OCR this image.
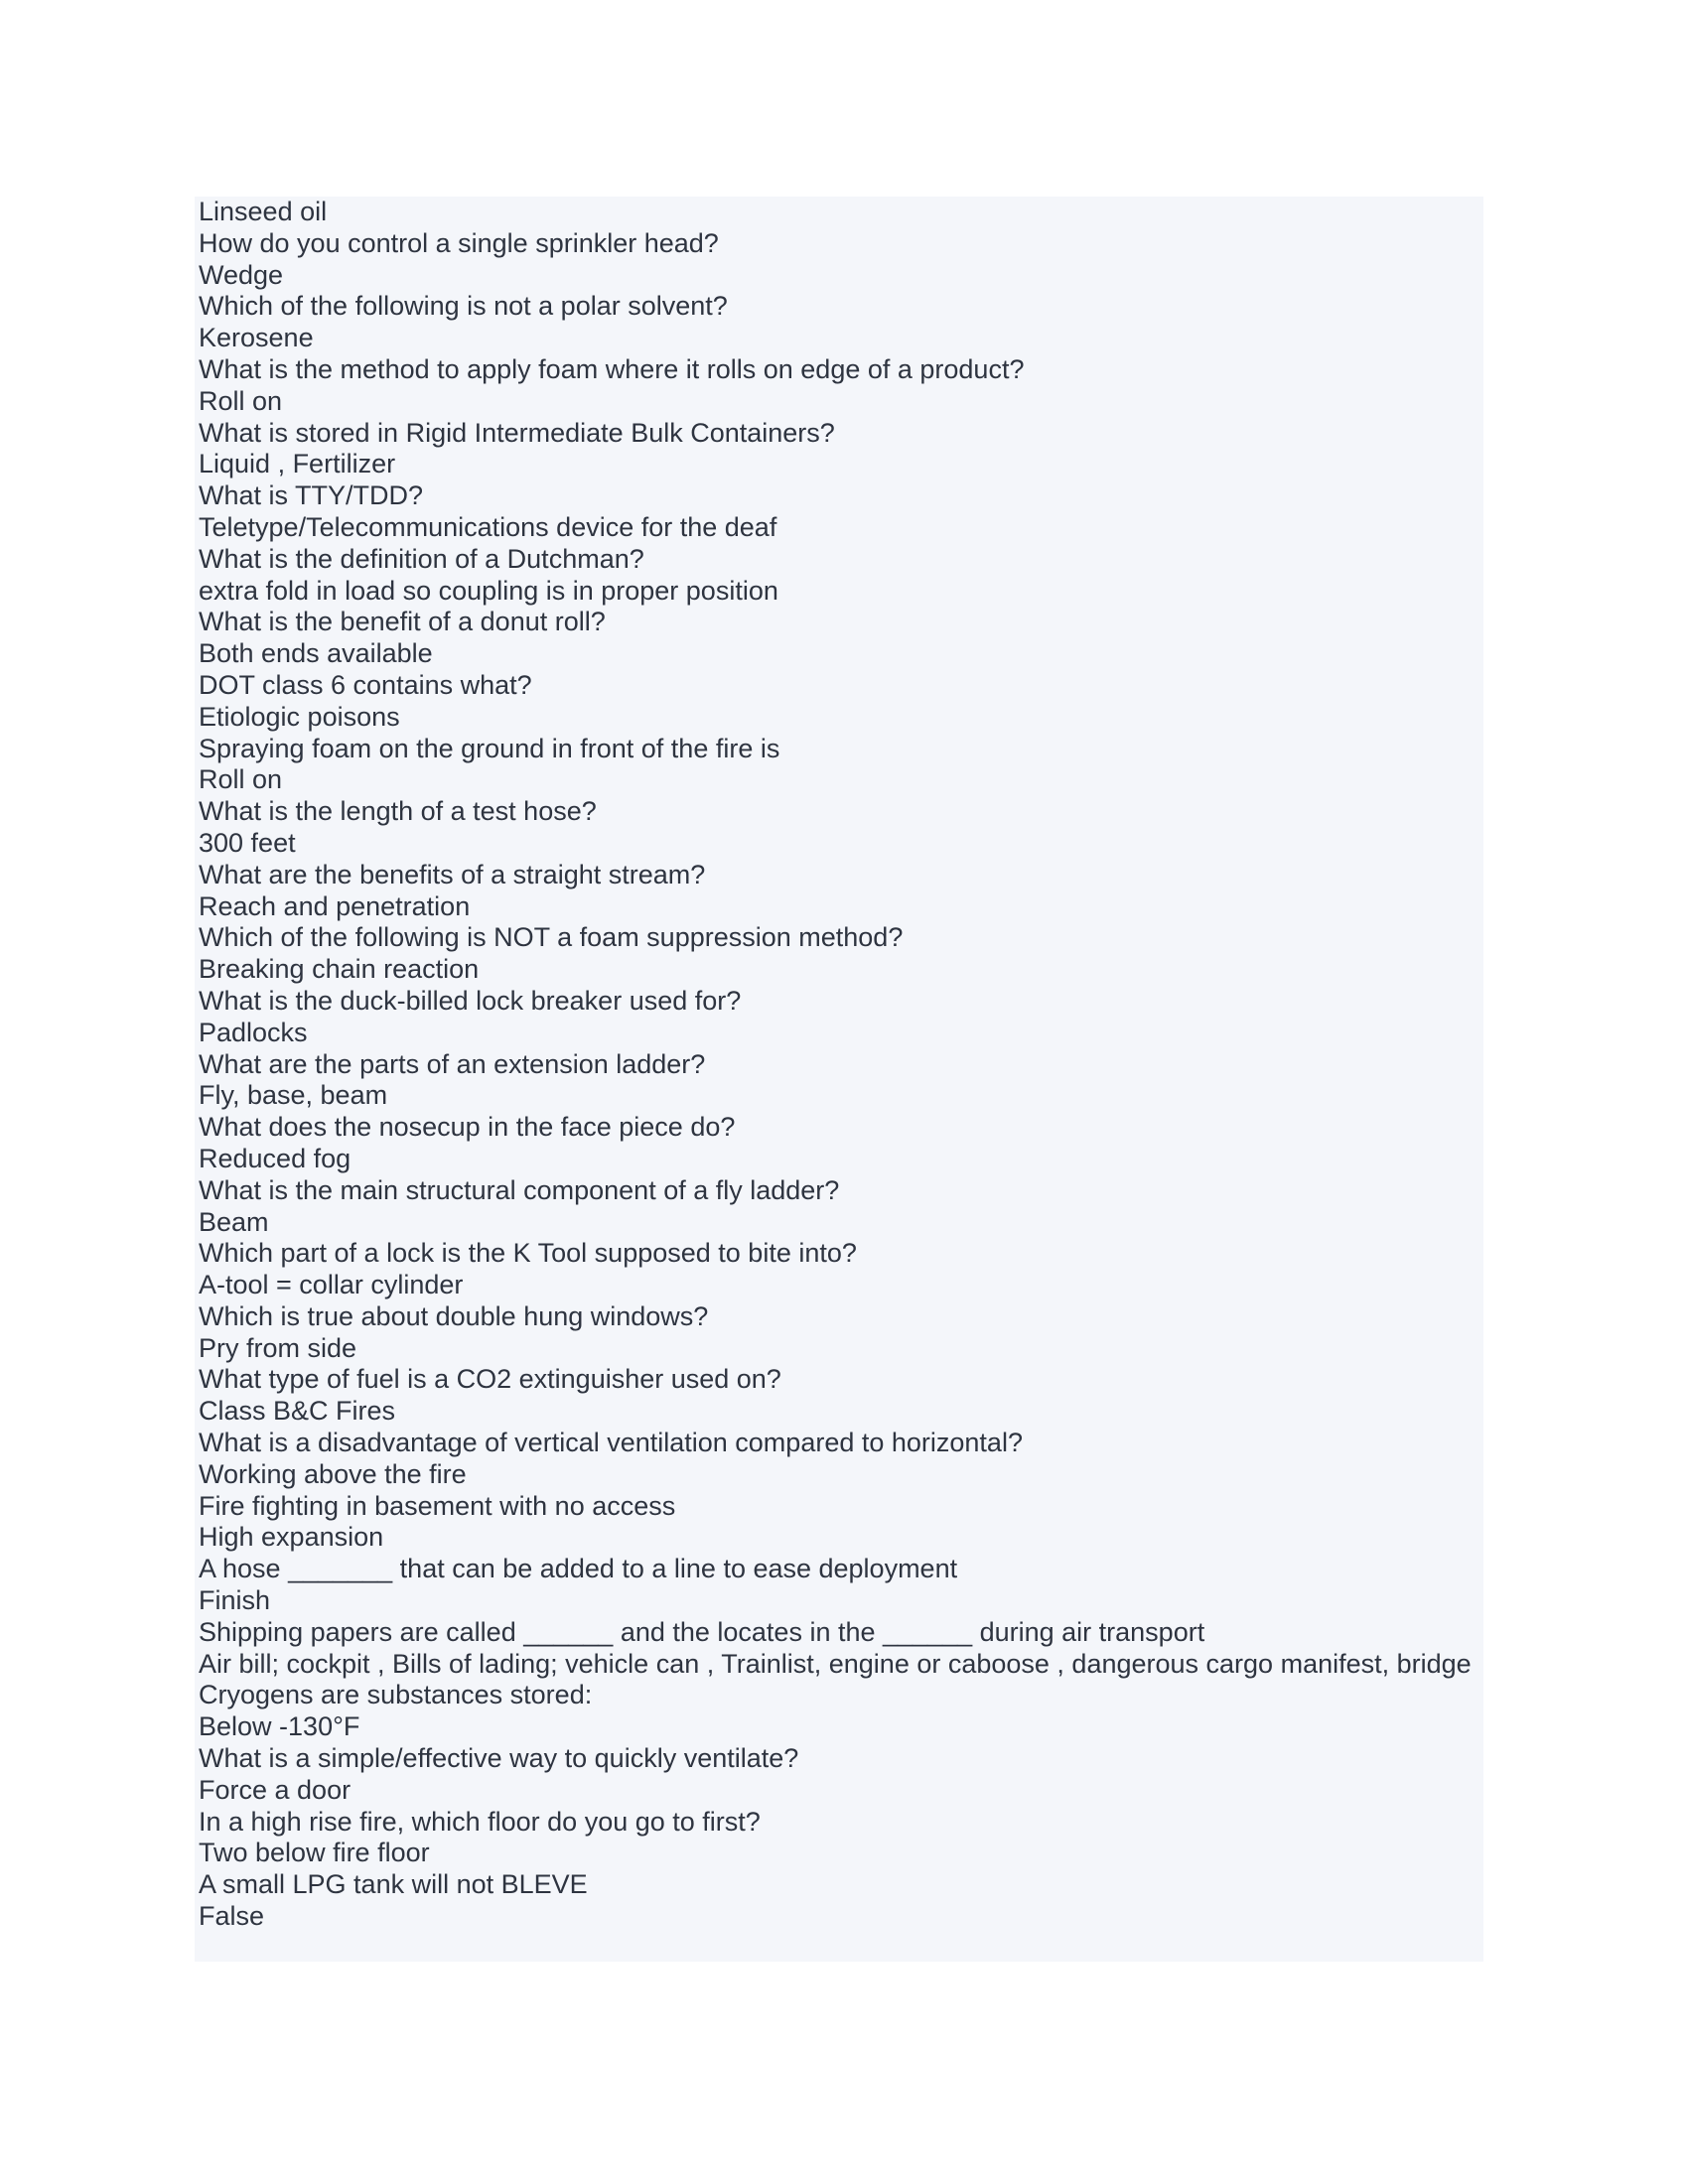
Linseed oil
How do you control a single sprinkler head?
Wedge
Which of the following is not a polar solvent?
Kerosene
What is the method to apply foam where it rolls on edge of a product?
Roll on
What is stored in Rigid Intermediate Bulk Containers?
Liquid , Fertilizer
What is TTY/TDD?
Teletype/Telecommunications device for the deaf
What is the definition of a Dutchman?
extra fold in load so coupling is in proper position
What is the benefit of a donut roll?
Both ends available
DOT class 6 contains what?
Etiologic poisons
Spraying foam on the ground in front of the fire is
Roll on
What is the length of a test hose?
300 feet
What are the benefits of a straight stream?
Reach and penetration
Which of the following is NOT a foam suppression method?
Breaking chain reaction
What is the duck-billed lock breaker used for?
Padlocks
What are the parts of an extension ladder?
Fly, base, beam
What does the nosecup in the face piece do?
Reduced fog
What is the main structural component of a fly ladder?
Beam
Which part of a lock is the K Tool supposed to bite into?
A-tool = collar cylinder
Which is true about double hung windows?
Pry from side
What type of fuel is a CO2 extinguisher used on?
Class B&C Fires
What is a disadvantage of vertical ventilation compared to horizontal?
Working above the fire
Fire fighting in basement with no access
High expansion
A hose _______ that can be added to a line to ease deployment
Finish
Shipping papers are called ______ and the locates in the ______ during air transport
Air bill; cockpit , Bills of lading; vehicle can , Trainlist, engine or caboose , dangerous cargo manifest, bridge
Cryogens are substances stored:
Below -130°F
What is a simple/effective way to quickly ventilate?
Force a door
In a high rise fire, which floor do you go to first?
Two below fire floor
A small LPG tank will not BLEVE
False
